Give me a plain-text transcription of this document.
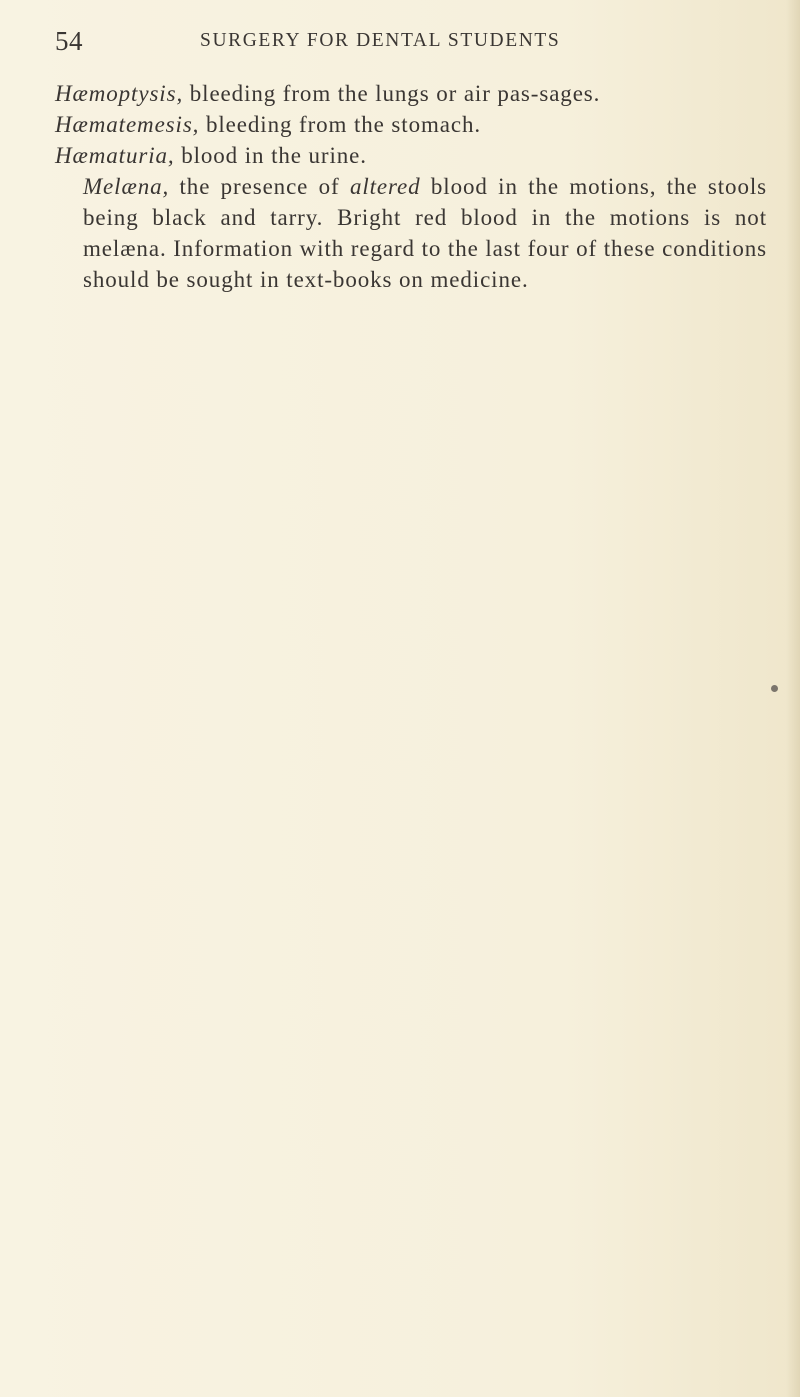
54	SURGERY FOR DENTAL STUDENTS

Hæmoptysis, bleeding from the lungs or air pas-sages.

Hæmatemesis, bleeding from the stomach.

Hæmaturia, blood in the urine.

Melæna, the presence of altered blood in the motions, the stools being black and tarry. Bright red blood in the motions is not melæna. Information with regard to the last four of these conditions should be sought in text-books on medicine.
